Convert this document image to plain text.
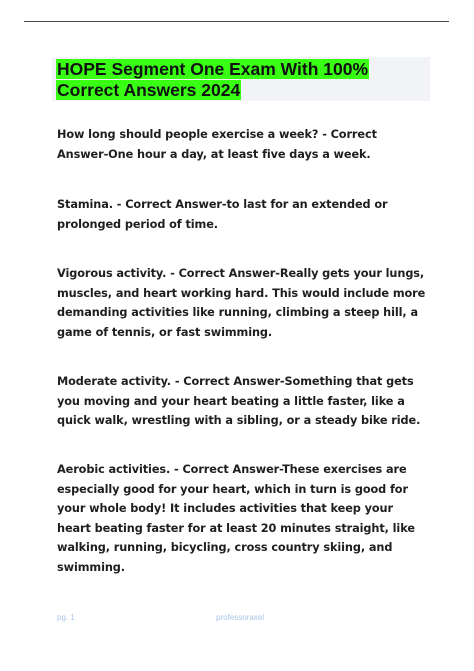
HOPE Segment One Exam With 100% Correct Answers 2024

How long should people exercise a week? - Correct Answer-One hour a day, at least five days a week.

Stamina. - Correct Answer-to last for an extended or prolonged period of time.

Vigorous activity. - Correct Answer-Really gets your lungs, muscles, and heart working hard. This would include more demanding activities like running, climbing a steep hill, a game of tennis, or fast swimming.

Moderate activity. - Correct Answer-Something that gets you moving and your heart beating a little faster, like a quick walk, wrestling with a sibling, or a steady bike ride.

Aerobic activities. - Correct Answer-These exercises are especially good for your heart, which in turn is good for your whole body! It includes activities that keep your heart beating faster for at least 20 minutes straight, like walking, running, bicycling, cross country skiing, and swimming.

pg. 1	professoraxel
